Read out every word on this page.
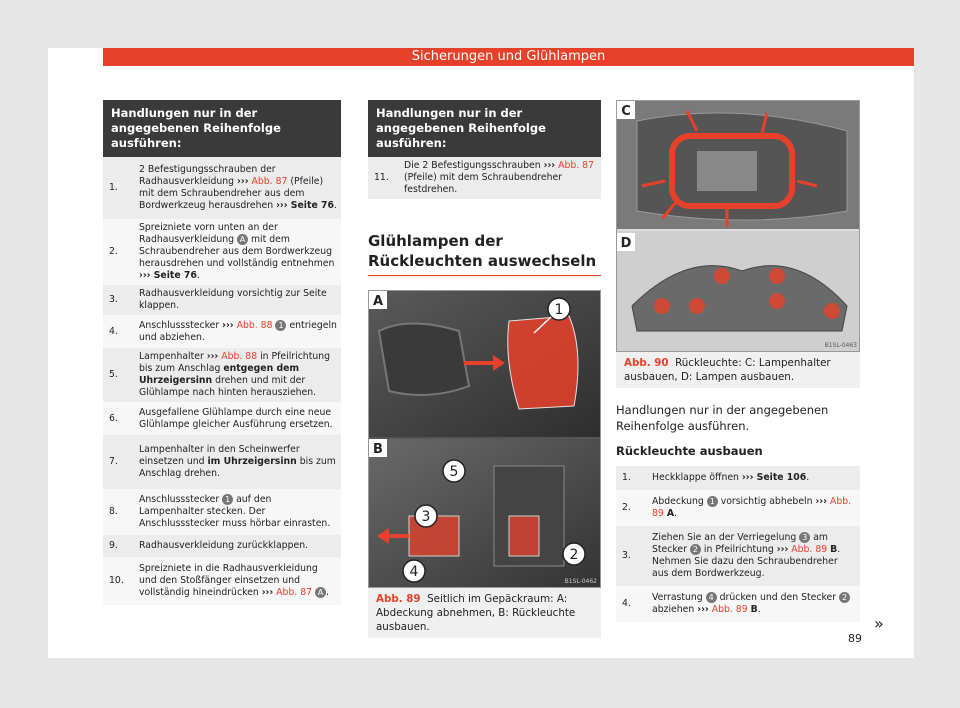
Sicherungen und Glühlampen
Handlungen nur in der angegebenen Reihenfolge ausführen:
1.	2 Befestigungsschrauben der Radhausverkleidung ››› Abb. 87 (Pfeile) mit dem Schraubendreher aus dem Bordwerkzeug herausdrehen ››› Seite 76.
2.	Spreizniete vorn unten an der Radhausverkleidung A mit dem Schraubendreher aus dem Bordwerkzeug herausdrehen und vollständig entnehmen ››› Seite 76.
3.	Radhausverkleidung vorsichtig zur Seite klappen.
4.	Anschlussstecker ››› Abb. 88 1 entriegeln und abziehen.
5.	Lampenhalter ››› Abb. 88 in Pfeilrichtung bis zum Anschlag entgegen dem Uhrzeigersinn drehen und mit der Glühlampe nach hinten herausziehen.
6.	Ausgefallene Glühlampe durch eine neue Glühlampe gleicher Ausführung ersetzen.
7.	Lampenhalter in den Scheinwerfer einsetzen und im Uhrzeigersinn bis zum Anschlag drehen.
8.	Anschlussstecker 1 auf den Lampenhalter stecken. Der Anschlussstecker muss hörbar einrasten.
9.	Radhausverkleidung zurückklappen.
10.	Spreizniete in die Radhausverkleidung und den Stoßfänger einsetzen und vollständig hineindrücken ››› Abb. 87 A .
Handlungen nur in der angegebenen Reihenfolge ausführen:
11.	Die 2 Befestigungsschrauben ››› Abb. 87 (Pfeile) mit dem Schraubendreher festdrehen.
Glühlampen der Rückleuchten auswechseln
1
A
5
3
4
2
B
B1SL-0462
Abb. 89 Seitlich im Gepäckraum: A: Abdeckung abnehmen, B: Rückleuchte ausbauen.
C
D
B1SL-0463
Abb. 90 Rückleuchte: C: Lampenhalter ausbauen, D: Lampen ausbauen.
Handlungen nur in der angegebenen Reihenfolge ausführen.
Rückleuchte ausbauen
1.	Heckklappe öffnen ››› Seite 106.
2.	Abdeckung 1 vorsichtig abhebeln ››› Abb. 89 A.
3.	Ziehen Sie an der Verriegelung 3 am Stecker 2 in Pfeilrichtung ››› Abb. 89 B. Nehmen Sie dazu den Schraubendreher aus dem Bordwerkzeug.
4.	Verrastung 4 drücken und den Stecker 2 abziehen ››› Abb. 89 B.
»
89
